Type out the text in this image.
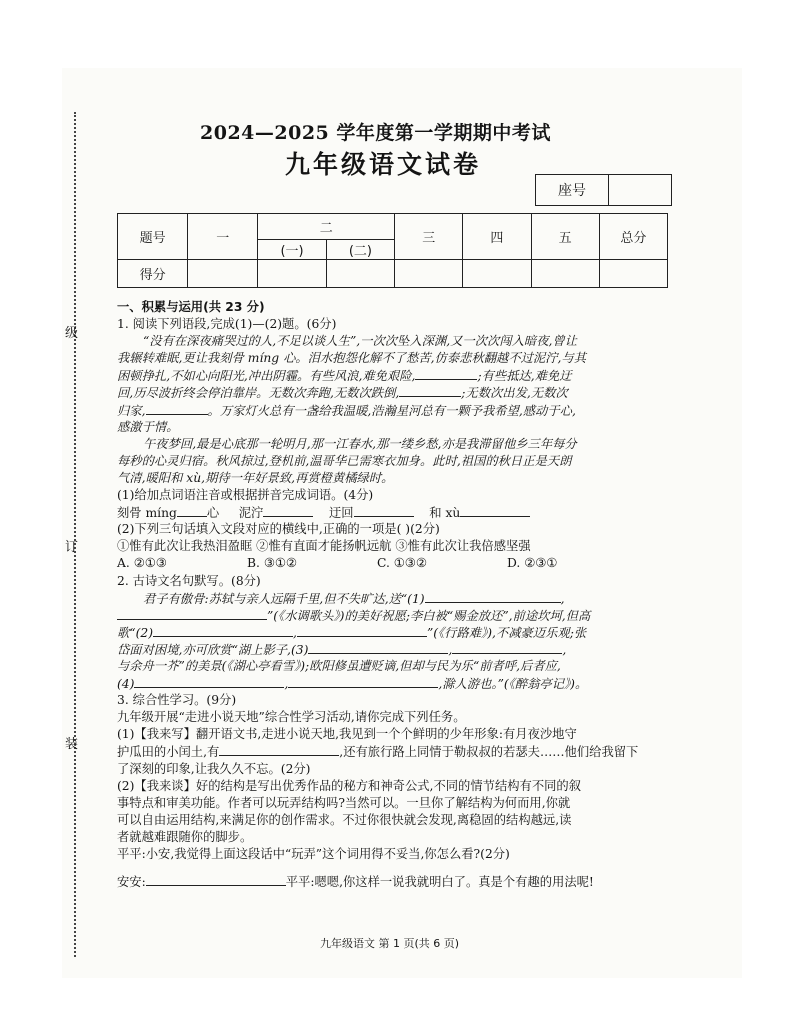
级
订
装
2024—2025 学年度第一学期期中考试
九年级语文试卷
座号	
题号	一	二		三	四	五	总分
		(一)	(二)				
得分							
一、积累与运用(共 23 分)
1. 阅读下列语段,完成(1)—(2)题。(6分)
“没有在深夜痛哭过的人,不足以谈人生”,一次次坠入深渊,又一次次闯入暗夜,曾让
我辗转难眠,更让我刻骨 míng 心。泪水抱怨化解不了愁苦,仿泰悲秋翻越不过泥泞,与其
困顿挣扎,不如心向阳光,冲出阴霾。有些风浪,难免艰险,	;有些抵达,难免迂
回,历尽波折终会停泊靠岸。无数次奔跑,无数次跌倒,	;无数次出发,无数次
归家,	。万家灯火总有一盏给我温暖,浩瀚星河总有一颗予我希望,感动于心,
感激于情。
午夜梦回,最是心底那一轮明月,那一江春水,那一缕乡愁,亦是我滞留他乡三年每分
每秒的心灵归宿。秋风掠过,登机前,温哥华已需寒衣加身。此时,祖国的秋日正是天朗
气清,暖阳和 xù,期待一年好景致,再赏橙黄橘绿时。
(1)给加点词语注音或根据拼音完成词语。(4分)
刻骨 míng 心 泥泞	迂回	和 xù
(2)下列三句话填入文段对应的横线中,正确的一项是( )(2分)
①惟有此次让我热泪盈眶 ②惟有直面才能扬帆远航 ③惟有此次让我倍感坚强
A. ②①③	B. ③①②	C. ①③②	D. ②③①
2. 古诗文名句默写。(8分)
君子有傲骨:苏轼与亲人远隔千里,但不失旷达,送“(1)	,
”(《水调歌头》)的美好祝愿;李白被“赐金放还”,前途坎坷,但高
歌“(2)	,	”(《行路难》),不减豪迈乐观;张
岱面对困境,亦可欣赏“湖上影子,(3)	,	,
与余舟一芥”的美景(《湖心亭看雪》);欧阳修虽遭贬谪,但却与民为乐“前者呼,后者应,
(4)	,	,滁人游也。”(《醉翁亭记》)。
3. 综合性学习。(9分)
九年级开展“走进小说天地”综合性学习活动,请你完成下列任务。
(1)【我来写】翻开语文书,走进小说天地,我见到一个个鲜明的少年形象:有月夜沙地守
护瓜田的小闰土,有	,还有旅行路上同情于勒叔叔的若瑟夫……他们给我留下
了深刻的印象,让我久久不忘。(2分)
(2)【我来谈】好的结构是写出优秀作品的秘方和神奇公式,不同的情节结构有不同的叙
事特点和审美功能。作者可以玩弄结构吗?当然可以。一旦你了解结构为何而用,你就
可以自由运用结构,来满足你的创作需求。不过你很快就会发现,离稳固的结构越远,读
者就越难跟随你的脚步。
平平:小安,我觉得上面这段话中“玩弄”这个词用得不妥当,你怎么看?(2分)
安安:	平平:嗯嗯,你这样一说我就明白了。真是个有趣的用法呢!
九年级语文 第 1 页(共 6 页)
